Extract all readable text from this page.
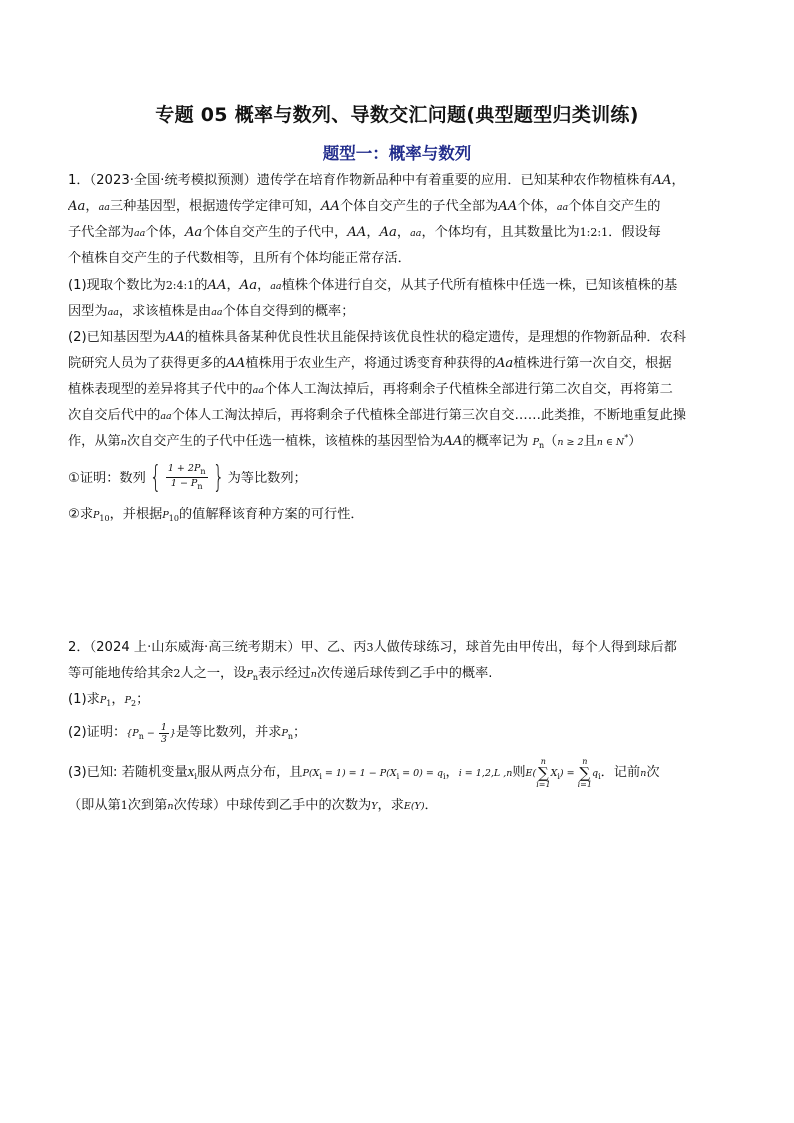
专题 05 概率与数列、导数交汇问题(典型题型归类训练)
题型一：概率与数列
1．（2023·全国·统考模拟预测）遗传学在培育作物新品种中有着重要的应用．已知某种农作物植株有AA，
Aa，aa三种基因型，根据遗传学定律可知，AA个体自交产生的子代全部为AA个体，aa个体自交产生的
子代全部为aa个体，Aa个体自交产生的子代中，AA，Aa，aa，个体均有，且其数量比为1:2:1．假设每
个植株自交产生的子代数相等，且所有个体均能正常存活．
(1)现取个数比为2:4:1的AA，Aa，aa植株个体进行自交，从其子代所有植株中任选一株，已知该植株的基
因型为aa，求该植株是由aa个体自交得到的概率；
(2)已知基因型为AA的植株具备某种优良性状且能保持该优良性状的稳定遗传，是理想的作物新品种．农科
院研究人员为了获得更多的AA植株用于农业生产，将通过诱变育种获得的Aa植株进行第一次自交，根据
植株表现型的差异将其子代中的aa个体人工淘汰掉后，再将剩余子代植株全部进行第二次自交，再将第二
次自交后代中的aa个体人工淘汰掉后，再将剩余子代植株全部进行第三次自交……此类推，不断地重复此操
作，从第n次自交产生的子代中任选一植株，该植株的基因型恰为AA的概率记为 $P_n(n \ge 2$且n ∈ N*）
①证明：数列 { $\frac{1 + 2P_n}{1 - P_n}$ } 为等比数列；
②求$P_{10}$，并根据$P_{10}$的值解释该育种方案的可行性．
2．（2024 上·山东威海·高三统考期末）甲、乙、丙3人做传球练习，球首先由甲传出，每个人得到球后都
等可能地传给其余2人之一，设$P_n$表示经过n次传递后球传到乙手中的概率.
(1)求$P_1$，$P_2$；
(2)证明：{$P_n - \frac{1}{3}$ }是等比数列，并求$P_n$；
(3)已知: 若随机变量$X_i$服从两点分布，且$P(X_i = 1) = 1 - P(X_i = 0) = q_i$，i = 1,2,L ,n则E(n
∑
$i=1X_i) = n$
∑
$i=1q_i$．记前n次
（即从第1次到第n次传球）中球传到乙手中的次数为Y，求E(Y)．
